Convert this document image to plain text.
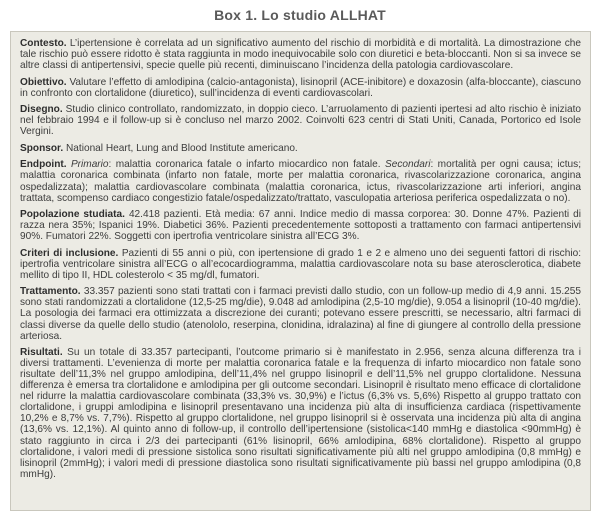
Box 1. Lo studio ALLHAT

Contesto. L’ipertensione è correlata ad un significativo aumento del rischio di morbidità e di mortalità. La dimostrazione che tale rischio può essere ridotto è stata raggiunta in modo inequivocabile solo con diuretici e beta-bloccanti. Non si sa invece se altre classi di antipertensivi, specie quelle più recenti, diminuiscano l’incidenza della patologia cardiovascolare.

Obiettivo. Valutare l’effetto di amlodipina (calcio-antagonista), lisinopril (ACE-inibitore) e doxazosin (alfa-bloccante), ciascuno in confronto con clortalidone (diuretico), sull’incidenza di eventi cardiovascolari.

Disegno. Studio clinico controllato, randomizzato, in doppio cieco. L’arruolamento di pazienti ipertesi ad alto rischio è iniziato nel febbraio 1994 e il follow-up si è concluso nel marzo 2002. Coinvolti 623 centri di Stati Uniti, Canada, Portorico ed Isole Vergini.

Sponsor. National Heart, Lung and Blood Institute americano.

Endpoint. Primario: malattia coronarica fatale o infarto miocardico non fatale. Secondari: mortalità per ogni causa; ictus; malattia coronarica combinata (infarto non fatale, morte per malattia coronarica, rivascolarizzazione coronarica, angina ospedalizzata); malattia cardiovascolare combinata (malattia coronarica, ictus, rivascolarizzazione arti inferiori, angina trattata, scompenso cardiaco congestizio fatale/ospedalizzato/trattato, vasculopatia arteriosa periferica ospedalizzata o no).

Popolazione studiata. 42.418 pazienti. Età media: 67 anni. Indice medio di massa corporea: 30. Donne 47%. Pazienti di razza nera 35%; Ispanici 19%. Diabetici 36%. Pazienti precedentemente sottoposti a trattamento con farmaci antipertensivi 90%. Fumatori 22%. Soggetti con ipertrofia ventricolare sinistra all’ECG 3%.

Criteri di inclusione. Pazienti di 55 anni o più, con ipertensione di grado 1 e 2 e almeno uno dei seguenti fattori di rischio: ipertrofia ventricolare sinistra all’ECG o all’ecocardiogramma, malattia cardiovascolare nota su base aterosclerotica, diabete mellito di tipo II, HDL colesterolo < 35 mg/dl, fumatori.

Trattamento. 33.357 pazienti sono stati trattati con i farmaci previsti dallo studio, con un follow-up medio di 4,9 anni. 15.255 sono stati randomizzati a clortalidone (12,5-25 mg/die), 9.048 ad amlodipina (2,5-10 mg/die), 9.054 a lisinopril (10-40 mg/die). La posologia dei farmaci era ottimizzata a discrezione dei curanti; potevano essere prescritti, se necessario, altri farmaci di classi diverse da quelle dello studio (atenololo, reserpina, clonidina, idralazina) al fine di giungere al controllo della pressione arteriosa.

Risultati. Su un totale di 33.357 partecipanti, l’outcome primario si è manifestato in 2.956, senza alcuna differenza tra i diversi trattamenti. L’evenienza di morte per malattia coronarica fatale e la frequenza di infarto miocardico non fatale sono risultate dell’11,3% nel gruppo amlodipina, dell’11,4% nel gruppo lisinopril e dell’11,5% nel gruppo clortalidone. Nessuna differenza è emersa tra clortalidone e amlodipina per gli outcome secondari. Lisinopril è risultato meno efficace di clortalidone nel ridurre la malattia cardiovascolare combinata (33,3% vs. 30,9%) e l’ictus (6,3% vs. 5,6%) Rispetto al gruppo trattato con clortalidone, i gruppi amlodipina e lisinopril presentavano una incidenza più alta di insufficienza cardiaca (rispettivamente 10,2% e 8,7% vs. 7,7%). Rispetto al gruppo clortalidone, nel gruppo lisinopril si è osservata una incidenza più alta di angina (13,6% vs. 12,1%). Al quinto anno di follow-up, il controllo dell’ipertensione (sistolica<140 mmHg e diastolica <90mmHg) è stato raggiunto in circa i 2/3 dei partecipanti (61% lisinopril, 66% amlodipina, 68% clortalidone). Rispetto al gruppo clortalidone, i valori medi di pressione sistolica sono risultati significativamente più alti nel gruppo amlodipina (0,8 mmHg) e lisinopril (2mmHg); i valori medi di pressione diastolica sono risultati significativamente più bassi nel gruppo amlodipina (0,8 mmHg).
